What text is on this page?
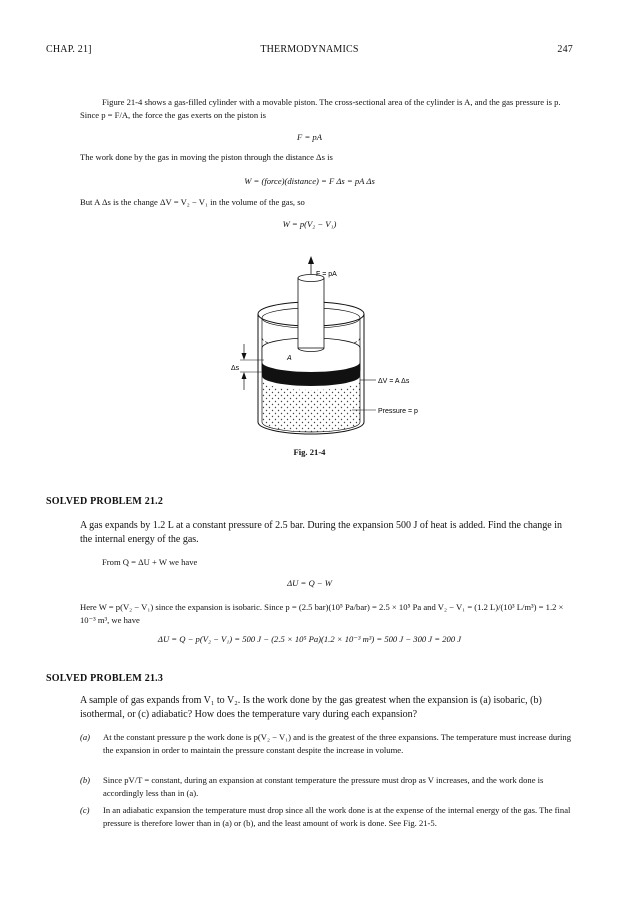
CHAP. 21]	THERMODYNAMICS	247
Figure 21-4 shows a gas-filled cylinder with a movable piston. The cross-sectional area of the cylinder is A, and the gas pressure is p. Since p = F/A, the force the gas exerts on the piston is
F = pA
The work done by the gas in moving the piston through the distance Δs is
W = (force)(distance) = F Δs = pA Δs
But A Δs is the change ΔV = V₂ − V₁ in the volume of the gas, so
W = p(V₂ − V₁)
F = pA
A
Δs
ΔV = A Δs
Pressure = p
Fig. 21-4
SOLVED PROBLEM 21.2
A gas expands by 1.2 L at a constant pressure of 2.5 bar. During the expansion 500 J of heat is added. Find the change in the internal energy of the gas.
From Q = ΔU + W we have
ΔU = Q − W
Here W = p(V₂ − V₁) since the expansion is isobaric. Since p = (2.5 bar)(10⁵ Pa/bar) = 2.5 × 10⁵ Pa and V₂ − V₁ = (1.2 L)/(10³ L/m³) = 1.2 × 10⁻³ m³, we have
ΔU = Q − p(V₂ − V₁) = 500 J − (2.5 × 10⁵ Pa)(1.2 × 10⁻³ m³) = 500 J − 300 J = 200 J
SOLVED PROBLEM 21.3
A sample of gas expands from V₁ to V₂. Is the work done by the gas greatest when the expansion is (a) isobaric, (b) isothermal, or (c) adiabatic? How does the temperature vary during each expansion?
(a) At the constant pressure p the work done is p(V₂ − V₁) and is the greatest of the three expansions. The temperature must increase during the expansion in order to maintain the pressure constant despite the increase in volume.
(b) Since pV/T = constant, during an expansion at constant temperature the pressure must drop as V increases, and the work done is accordingly less than in (a).
(c) In an adiabatic expansion the temperature must drop since all the work done is at the expense of the internal energy of the gas. The final pressure is therefore lower than in (a) or (b), and the least amount of work is done. See Fig. 21-5.
